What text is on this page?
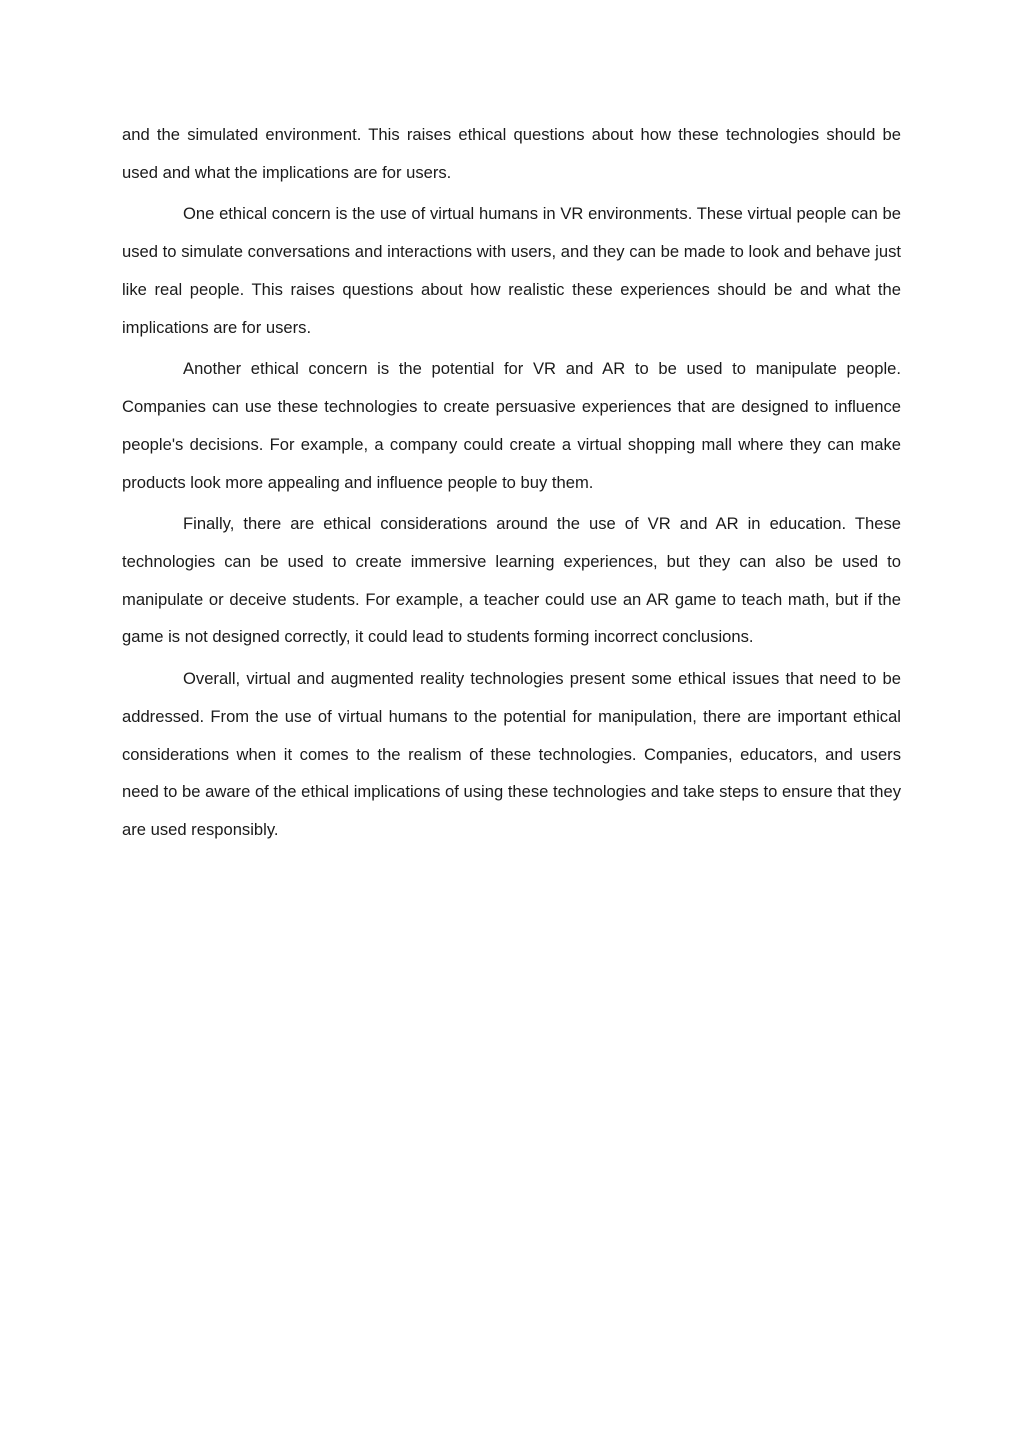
and the simulated environment. This raises ethical questions about how these technologies should be used and what the implications are for users.

One ethical concern is the use of virtual humans in VR environments. These virtual people can be used to simulate conversations and interactions with users, and they can be made to look and behave just like real people. This raises questions about how realistic these experiences should be and what the implications are for users.

Another ethical concern is the potential for VR and AR to be used to manipulate people. Companies can use these technologies to create persuasive experiences that are designed to influence people's decisions. For example, a company could create a virtual shopping mall where they can make products look more appealing and influence people to buy them.

Finally, there are ethical considerations around the use of VR and AR in education. These technologies can be used to create immersive learning experiences, but they can also be used to manipulate or deceive students. For example, a teacher could use an AR game to teach math, but if the game is not designed correctly, it could lead to students forming incorrect conclusions.

Overall, virtual and augmented reality technologies present some ethical issues that need to be addressed. From the use of virtual humans to the potential for manipulation, there are important ethical considerations when it comes to the realism of these technologies. Companies, educators, and users need to be aware of the ethical implications of using these technologies and take steps to ensure that they are used responsibly.
